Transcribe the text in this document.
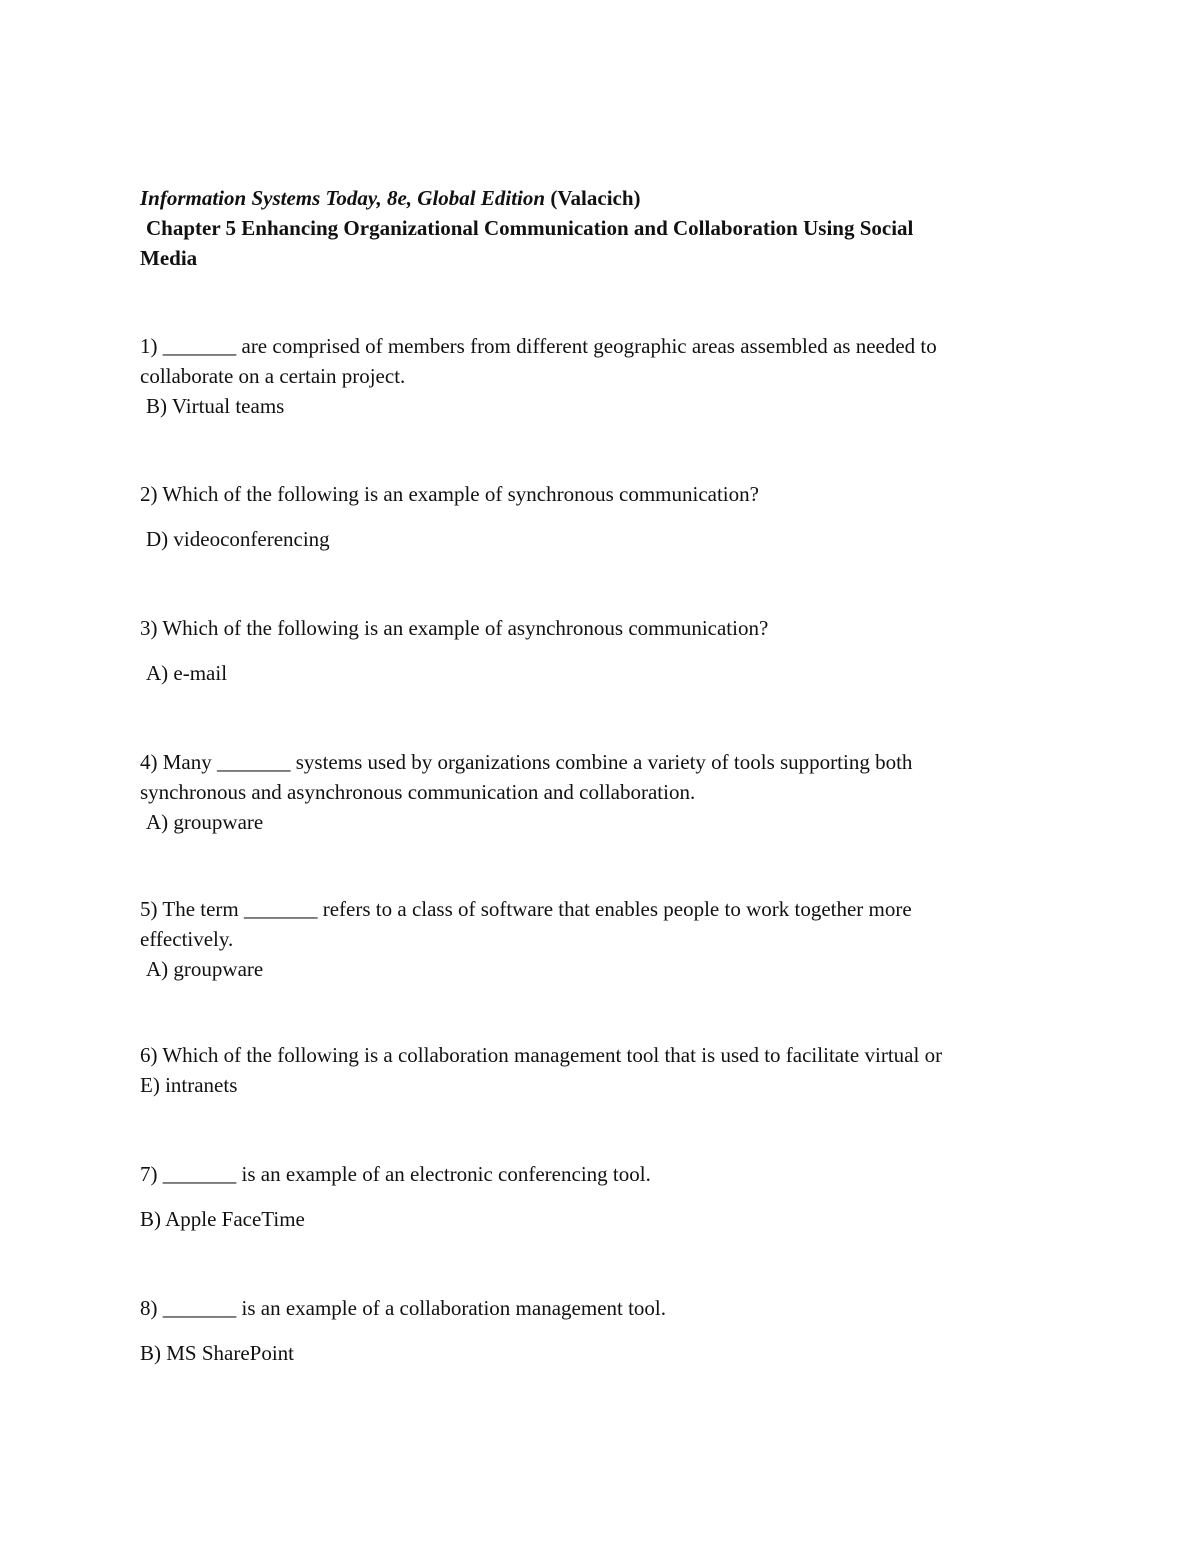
Information Systems Today, 8e, Global Edition (Valacich)
Chapter 5 Enhancing Organizational Communication and Collaboration Using Social
Media
1) _______ are comprised of members from different geographic areas assembled as needed to
collaborate on a certain project.
B) Virtual teams
2) Which of the following is an example of synchronous communication?
D) videoconferencing
3) Which of the following is an example of asynchronous communication?
A) e-mail
4) Many _______ systems used by organizations combine a variety of tools supporting both
synchronous and asynchronous communication and collaboration.
A) groupware
5) The term _______ refers to a class of software that enables people to work together more
effectively.
A) groupware
6) Which of the following is a collaboration management tool that is used to facilitate virtual or
E) intranets
7) _______ is an example of an electronic conferencing tool.
B) Apple FaceTime
8) _______ is an example of a collaboration management tool.
B) MS SharePoint
